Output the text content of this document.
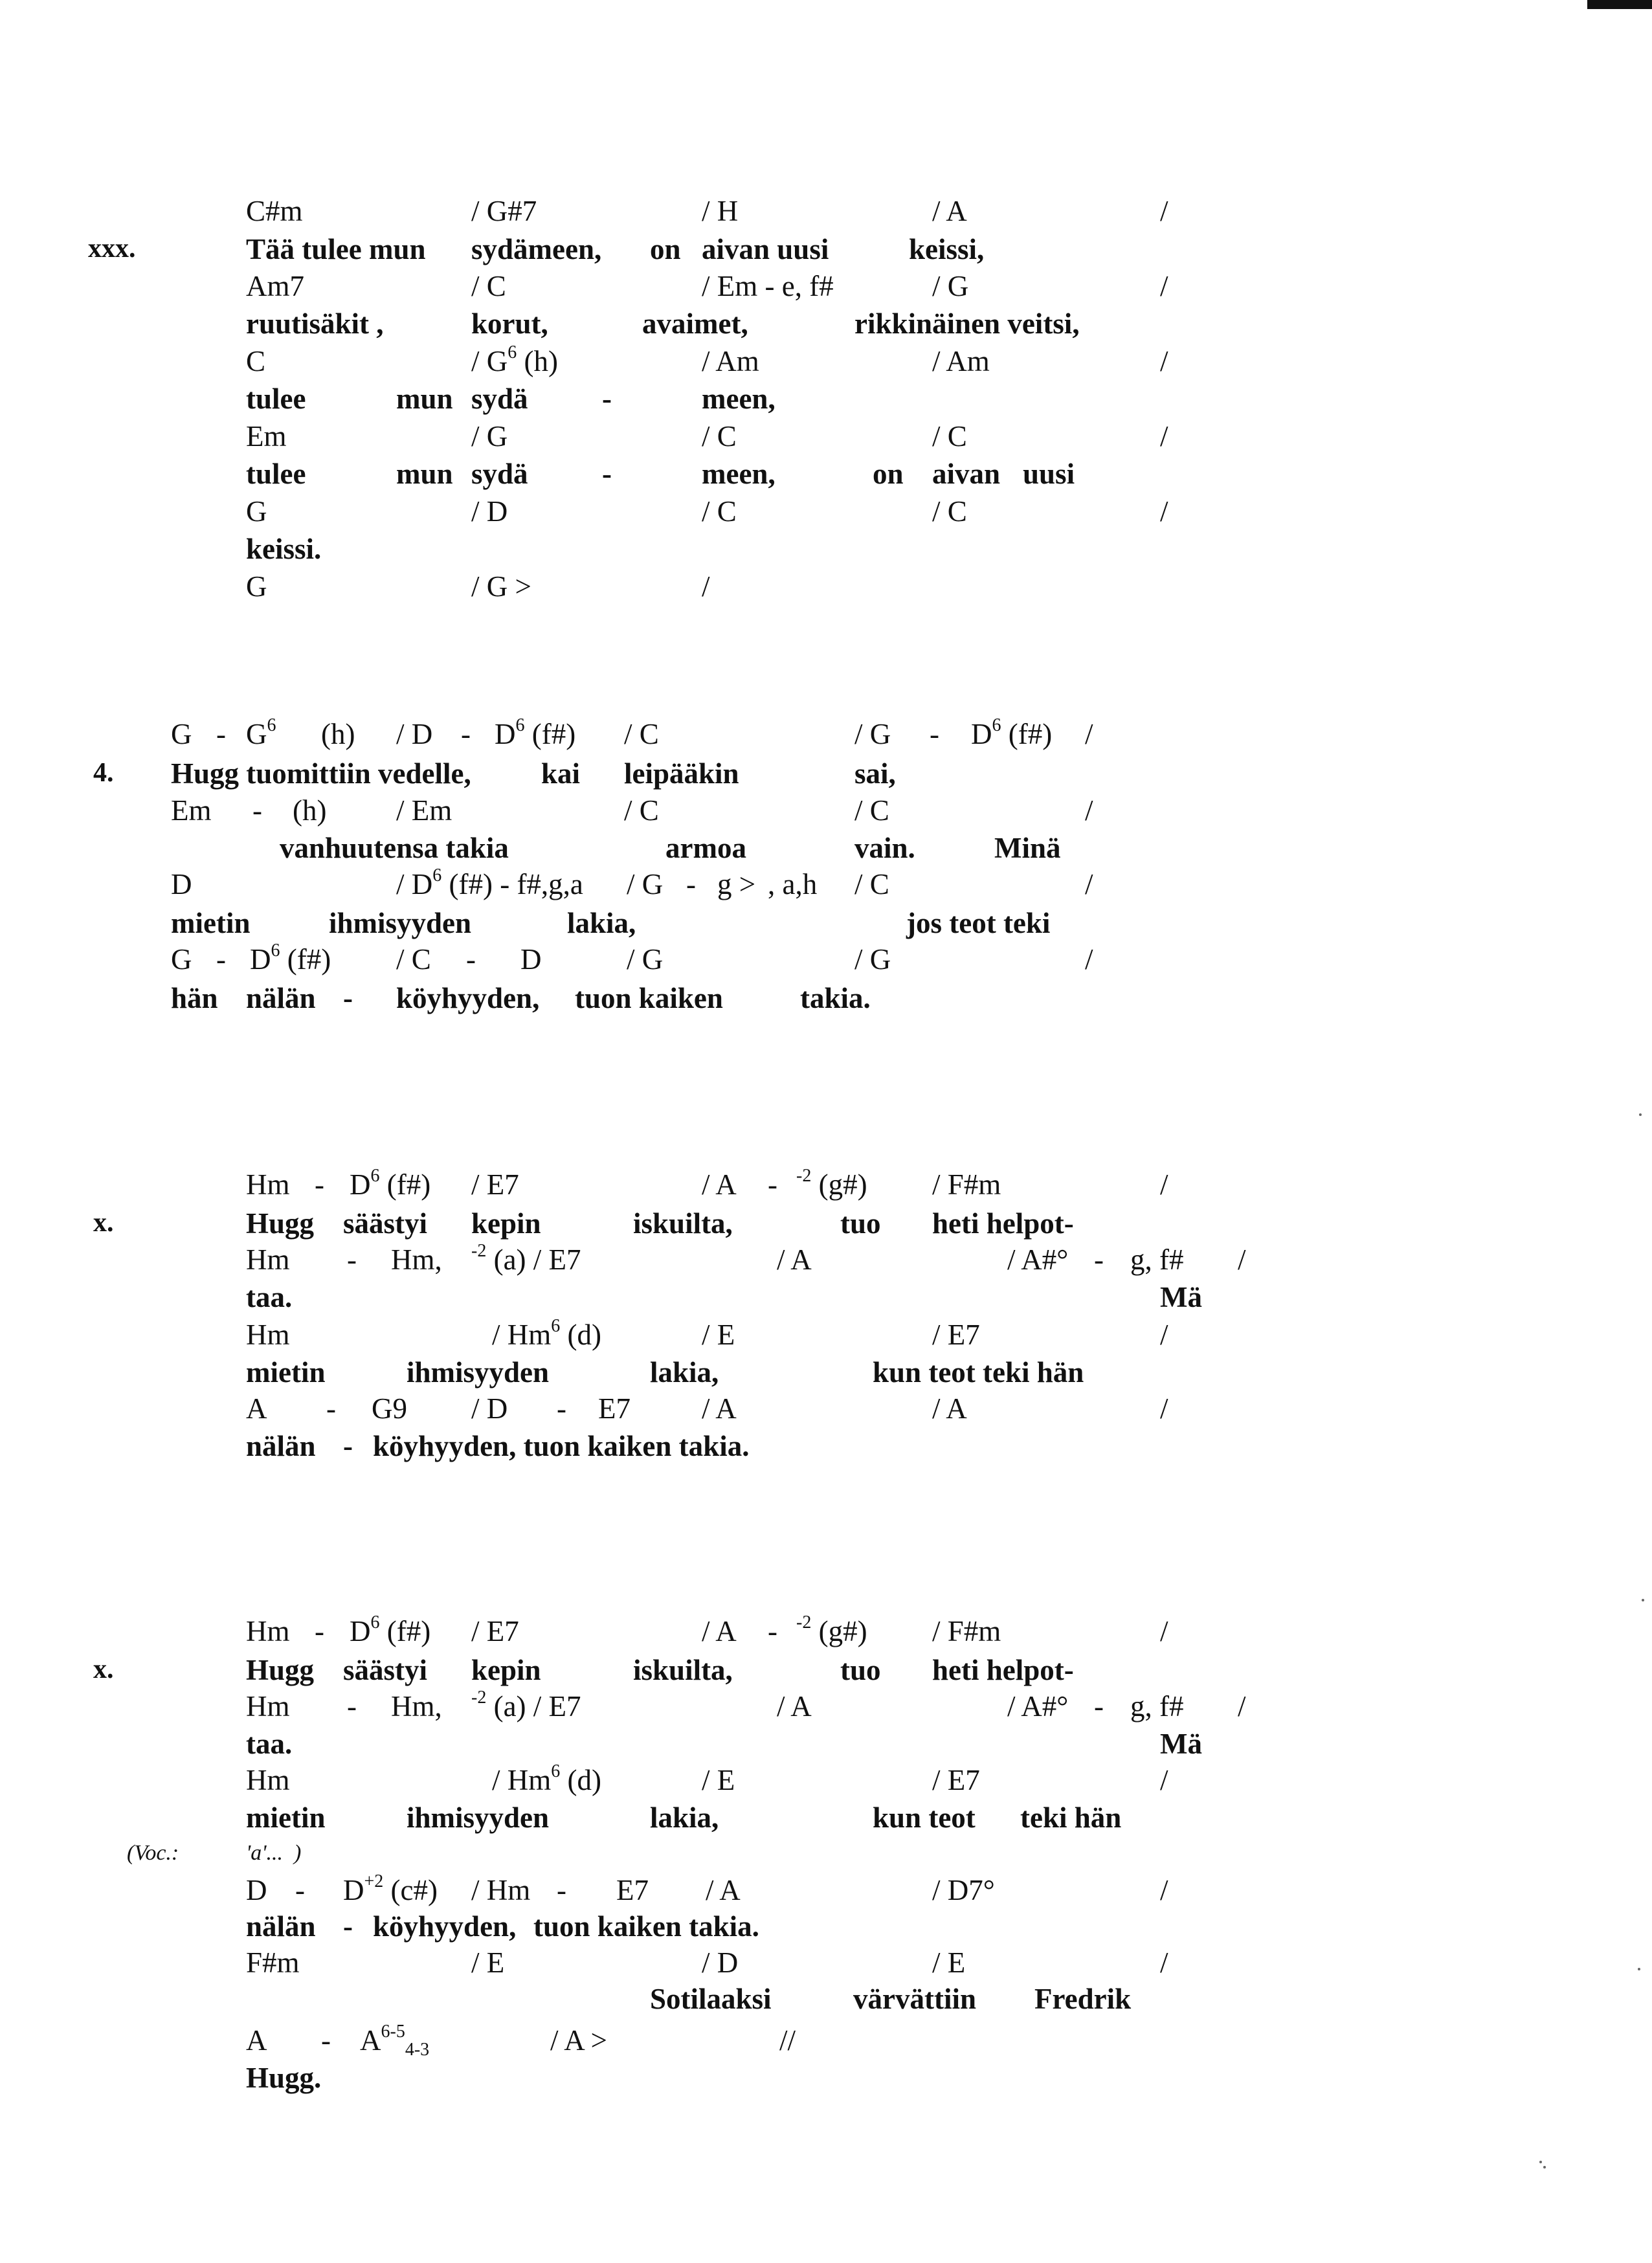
xxx.
C#m	/ G#7	/ H	/ A	/
Tää tulee mun sydämeen, on aivan uusi	keissi,
Am7	/ C	/ Em - e, f#	/ G	/
ruutisäkit ,	korut,	avaimet,	rikkinäinen veitsi,
C	/ $G^6$ (h)	/ Am	/ Am	/
tulee	mun sydä	-	meen,
Em	/ G	/ C	/ C	/
tulee	mun sydä	-	meen,	on aivan uusi
G	/ D	/ C	/ C	/
keissi.
G	/ G >	/
4.
G - $G^6$ (h) / D - $D^6$ (f#) / C	/ G - $D^6$ (f#) /
Hugg tuomittiin vedelle, kai leipääkin	sai,
Em - (h) / Em	/ C	/ C	/
vanhuutensa takia	armoa	vain.	Minä
D	/ $D^6$ (f#) - f#,g,a / G - g > , a,h / C	/
mietin	ihmisyyden	lakia,	jos teot teki
G - $D^6$ (f#) / C - D	/ G	/ G	/
hän nälän - köyhyyden, tuon kaiken	takia.
x.
Hm - $D^6$ (f#) / E7	/ A - $^{-2}$ (g#) / F#m	/
Hugg säästyi kepin	iskuilta,	tuo heti helpot-
Hm - Hm, $^{-2}$ (a) / E7	/ A	/ A#° - g, f# /
taa.	Mä
Hm	/ Hm$^6$ (d)	/ E	/ E7	/
mietin	ihmisyyden	lakia,	kun teot teki hän
A - G9 / D - E7 / A	/ A	/
nälän - köyhyyden, tuon kaiken takia.
x.
Hm - $D^6$ (f#) / E7	/ A - $^{-2}$ (g#) / F#m	/
Hugg säästyi kepin	iskuilta,	tuo heti helpot-
Hm - Hm, $^{-2}$ (a) / E7	/ A	/ A#° - g, f# /
taa.	Mä
Hm	/ Hm$^6$ (d)	/ E	/ E7	/
mietin	ihmisyyden	lakia,	kun teot teki hän
(Voc.:	'a'...  )
D - $D^{+2}$ (c#) / Hm - E7 / A	/ D7°	/
nälän - köyhyyden, tuon kaiken takia.
F#m	/ E	/ D	/ E	/
Sotilaaksi	värvättiin Fredrik
A - $A^{6-5}_{4-3}$	/ A >	//
Hugg.
